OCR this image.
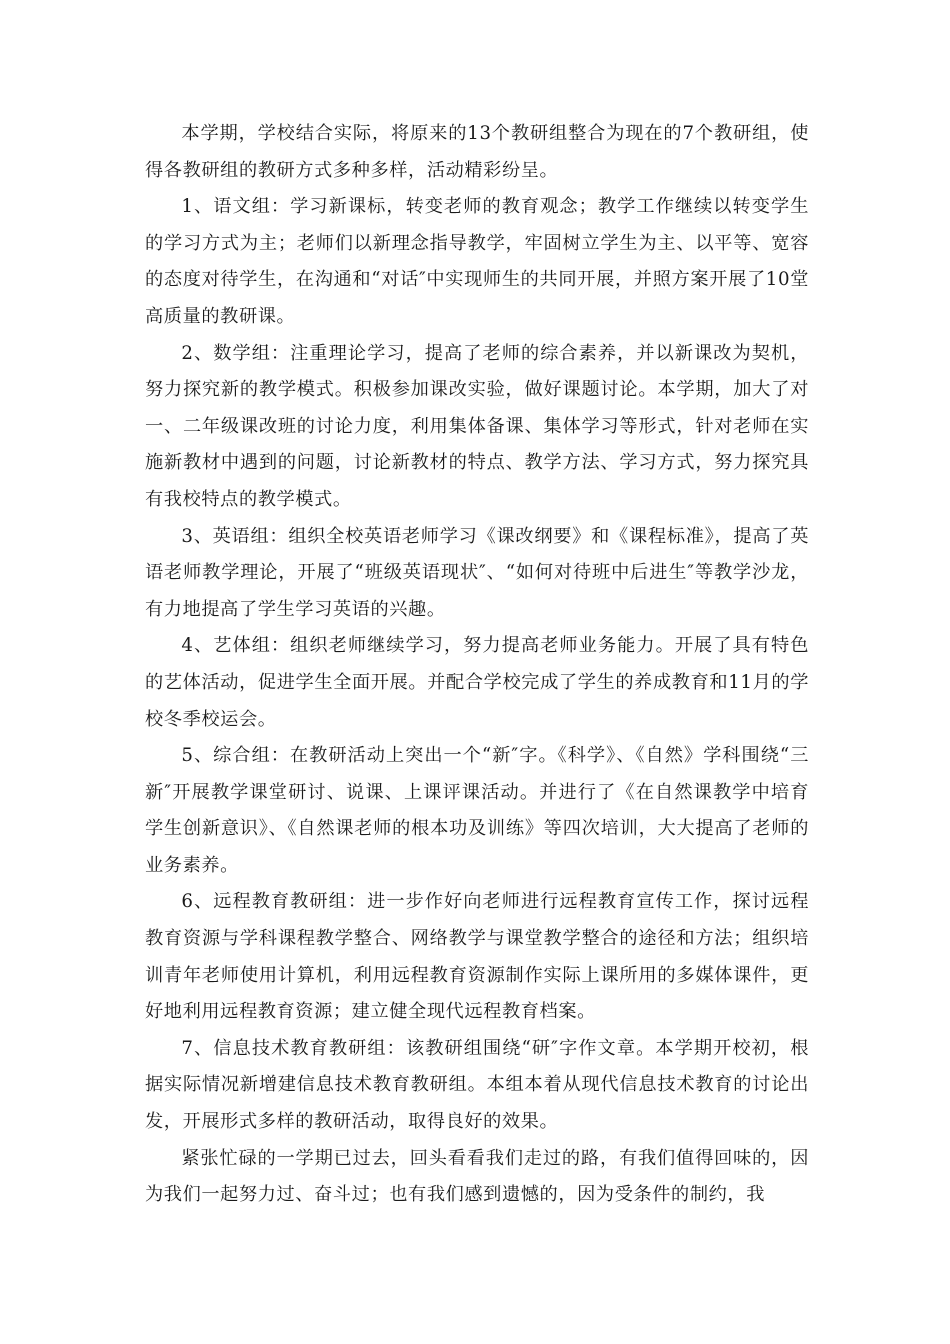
本学期，学校结合实际，将原来的13个教研组整合为现在的7个教研组，使得各教研组的教研方式多种多样，活动精彩纷呈。

1、语文组：学习新课标，转变老师的教育观念；教学工作继续以转变学生的学习方式为主；老师们以新理念指导教学，牢固树立学生为主、以平等、宽容的态度对待学生，在沟通和“对话″中实现师生的共同开展，并照方案开展了10堂高质量的教研课。

2、数学组：注重理论学习，提高了老师的综合素养，并以新课改为契机，努力探究新的教学模式。积极参加课改实验，做好课题讨论。本学期，加大了对一、二年级课改班的讨论力度，利用集体备课、集体学习等形式，针对老师在实施新教材中遇到的问题，讨论新教材的特点、教学方法、学习方式，努力探究具有我校特点的教学模式。

3、英语组：组织全校英语老师学习《课改纲要》和《课程标准》，提高了英语老师教学理论，开展了“班级英语现状″、“如何对待班中后进生″等教学沙龙，有力地提高了学生学习英语的兴趣。

4、艺体组：组织老师继续学习，努力提高老师业务能力。开展了具有特色的艺体活动，促进学生全面开展。并配合学校完成了学生的养成教育和11月的学校冬季校运会。

5、综合组：在教研活动上突出一个“新″字。《科学》、《自然》学科围绕“三新″开展教学课堂研讨、说课、上课评课活动。并进行了《在自然课教学中培育学生创新意识》、《自然课老师的根本功及训练》等四次培训，大大提高了老师的业务素养。

6、远程教育教研组：进一步作好向老师进行远程教育宣传工作，探讨远程教育资源与学科课程教学整合、网络教学与课堂教学整合的途径和方法；组织培训青年老师使用计算机，利用远程教育资源制作实际上课所用的多媒体课件，更好地利用远程教育资源；建立健全现代远程教育档案。

7、信息技术教育教研组：该教研组围绕“研″字作文章。本学期开校初，根据实际情况新增建信息技术教育教研组。本组本着从现代信息技术教育的讨论出发，开展形式多样的教研活动，取得良好的效果。

紧张忙碌的一学期已过去，回头看看我们走过的路，有我们值得回味的，因为我们一起努力过、奋斗过；也有我们感到遗憾的，因为受条件的制约，我
